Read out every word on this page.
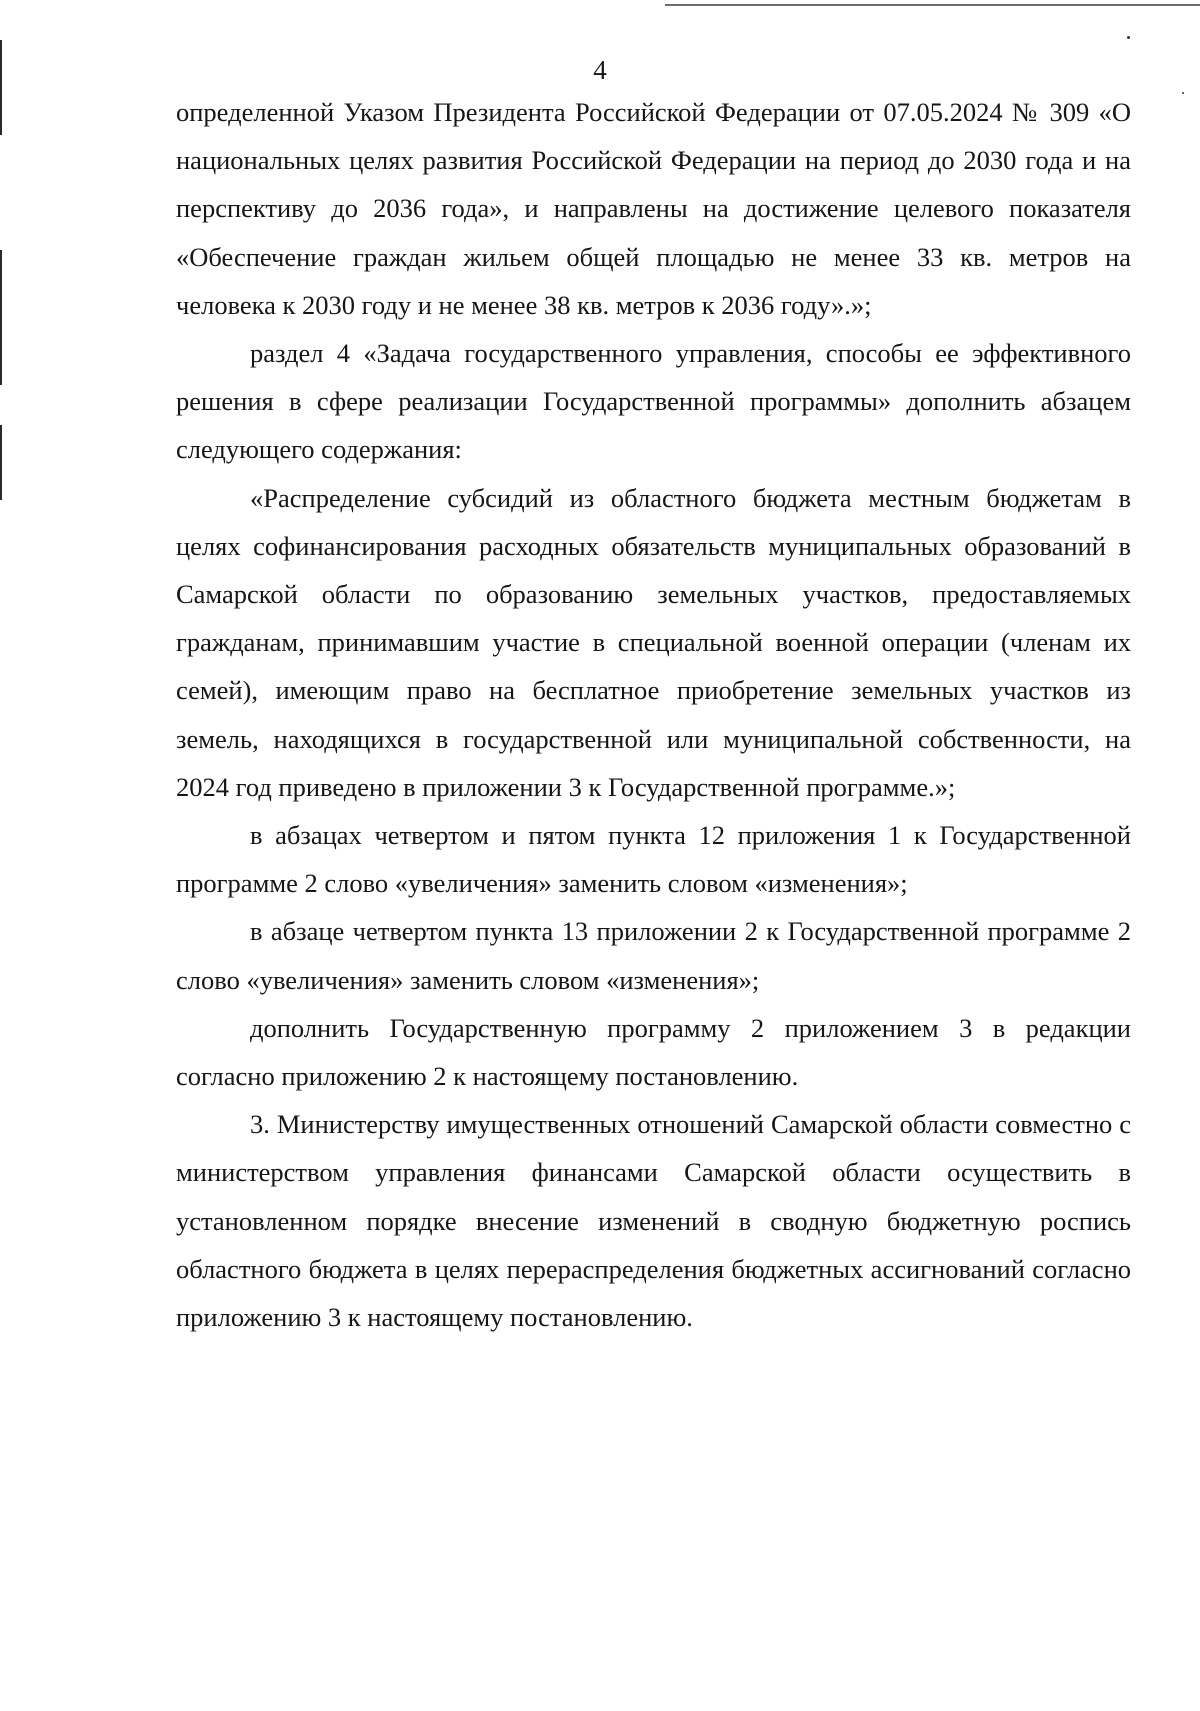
4

определенной Указом Президента Российской Федерации от 07.05.2024 № 309 «О национальных целях развития Российской Федерации на период до 2030 года и на перспективу до 2036 года», и направлены на достижение целевого показателя «Обеспечение граждан жильем общей площадью не менее 33 кв. метров на человека к 2030 году и не менее 38 кв. метров к 2036 году».»;

раздел 4 «Задача государственного управления, способы ее эффективного решения в сфере реализации Государственной программы» дополнить абзацем следующего содержания:

«Распределение субсидий из областного бюджета местным бюджетам в целях софинансирования расходных обязательств муниципальных образований в Самарской области по образованию земельных участков, предоставляемых гражданам, принимавшим участие в специальной военной операции (членам их семей), имеющим право на бесплатное приобретение земельных участков из земель, находящихся в государственной или муниципальной собственности, на 2024 год приведено в приложении 3 к Государственной программе.»;

в абзацах четвертом и пятом пункта 12 приложения 1 к Государственной программе 2 слово «увеличения» заменить словом «изменения»;

в абзаце четвертом пункта 13 приложении 2 к Государственной программе 2 слово «увеличения» заменить словом «изменения»;

дополнить Государственную программу 2 приложением 3 в редакции согласно приложению 2 к настоящему постановлению.

3. Министерству имущественных отношений Самарской области совместно с министерством управления финансами Самарской области осуществить в установленном порядке внесение изменений в сводную бюджетную роспись областного бюджета в целях перераспределения бюджетных ассигнований согласно приложению 3 к настоящему постановлению.
